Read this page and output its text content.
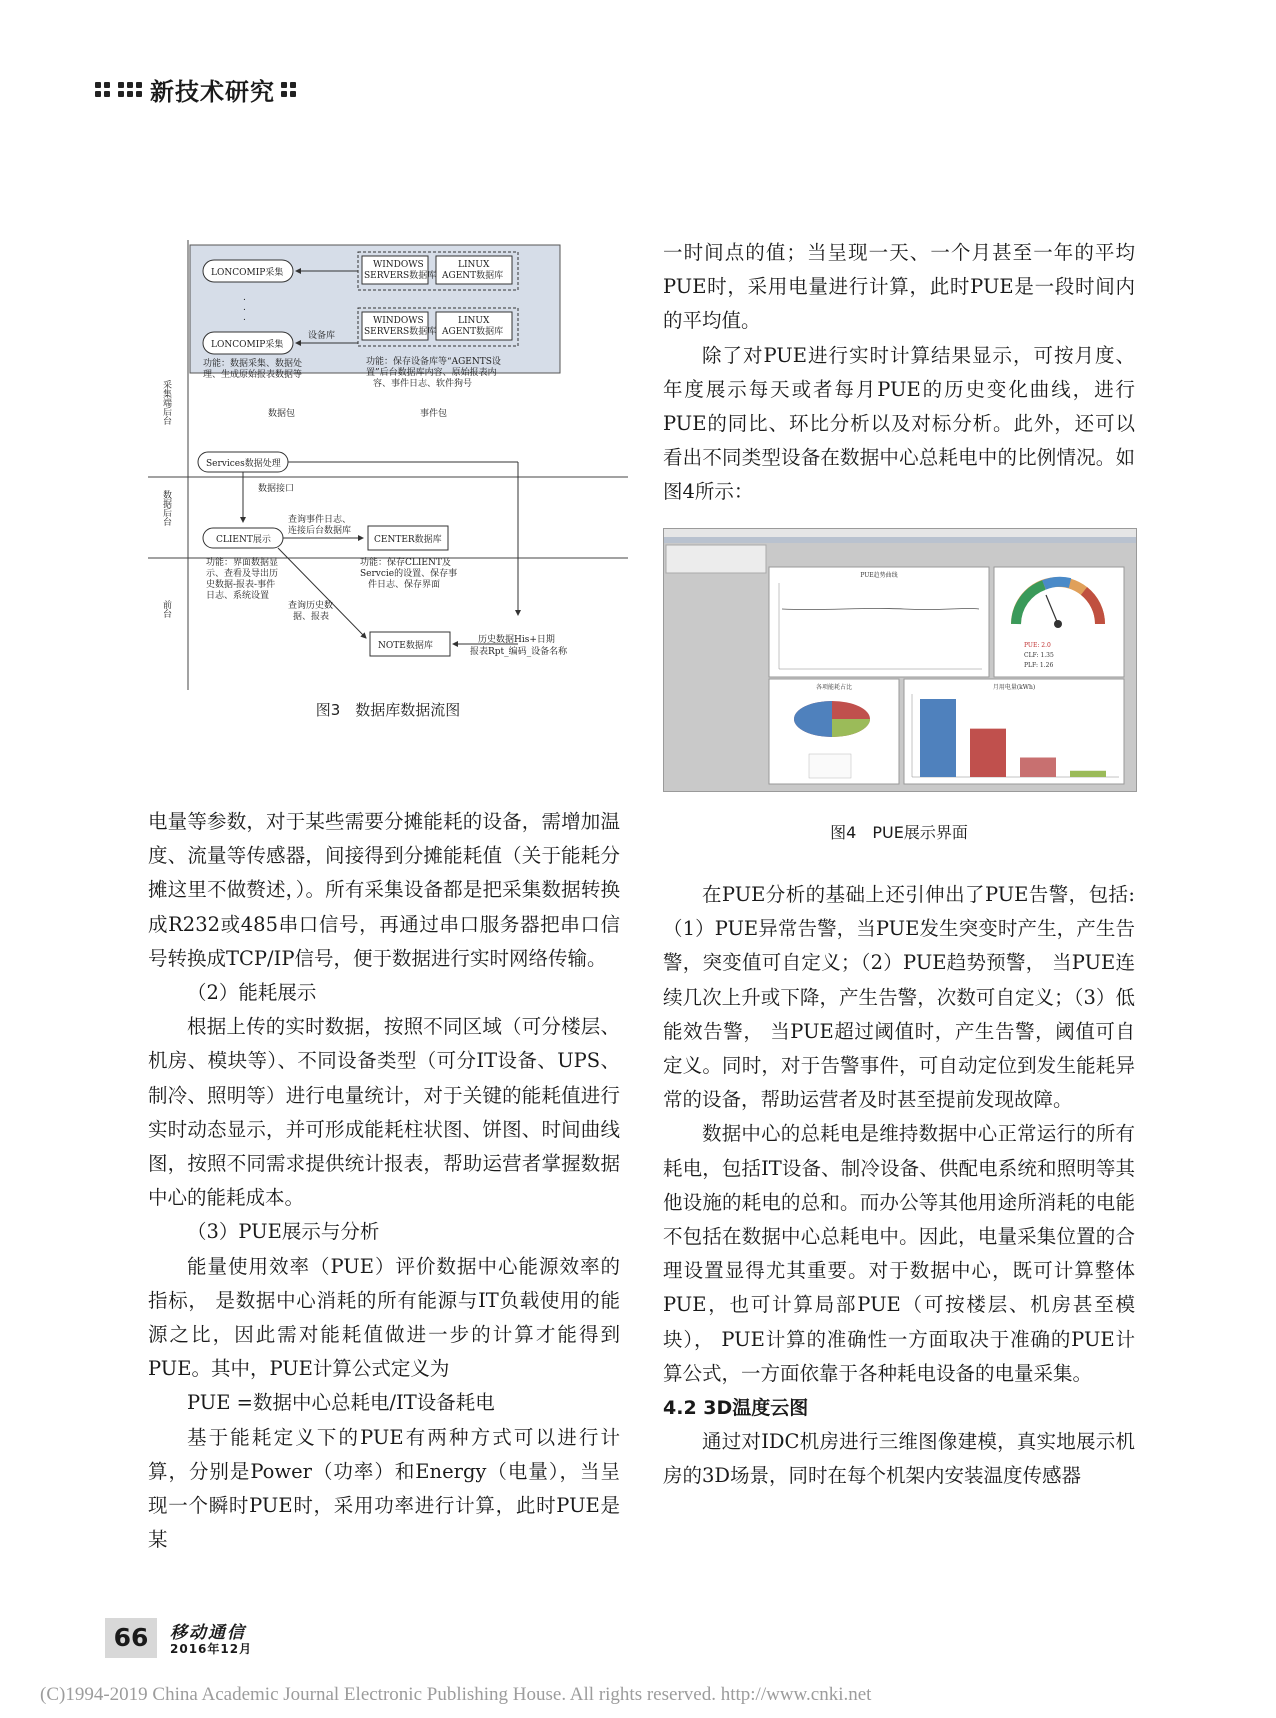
新技术研究
采集端后台
数据后台
前台
LONCOMIP采集
.
.
.
LONCOMIP采集
WINDOWS
SERVERS数据库
LINUX
AGENT数据库
WINDOWS
SERVERS数据库
LINUX
AGENT数据库
设备库
功能：数据采集、数据处
理、生成原始报表数据等
功能：保存设备库等“AGENTS设
置”后台数据库内容、原始报表内
容、事件日志、软件狗号
数据包	事件包
Services数据处理
数据接口
CLIENT展示
查询事件日志、
连接后台数据库
CENTER数据库
功能：界面数据显
示、查看及导出历
史数据-报表-事件
日志、系统设置
功能：保存CLIENT及
Servcie的设置、保存事
件日志、保存界面
查询历史数
据、报表
NOTE数据库
历史数据His+日期
报表Rpt_编码_设备名称
图3　数据库数据流图

电量等参数，对于某些需要分摊能耗的设备，需增加温度、流量等传感器，间接得到分摊能耗值（关于能耗分摊这里不做赘述，）。所有采集设备都是把采集数据转换成R232或485串口信号，再通过串口服务器把串口信号转换成TCP/IP信号，便于数据进行实时网络传输。

（2）能耗展示

根据上传的实时数据，按照不同区域（可分楼层、机房、模块等）、不同设备类型（可分IT设备、UPS、制冷、照明等）进行电量统计，对于关键的能耗值进行实时动态显示，并可形成能耗柱状图、饼图、时间曲线图，按照不同需求提供统计报表，帮助运营者掌握数据中心的能耗成本。

（3）PUE展示与分析

能量使用效率（PUE）评价数据中心能源效率的指标， 是数据中心消耗的所有能源与IT负载使用的能源之比，因此需对能耗值做进一步的计算才能得到PUE。其中，PUE计算公式定义为

PUE =数据中心总耗电/IT设备耗电

基于能耗定义下的PUE有两种方式可以进行计算，分别是Power（功率）和Energy（电量），当呈现一个瞬时PUE时，采用功率进行计算，此时PUE是某

一时间点的值；当呈现一天、一个月甚至一年的平均PUE时，采用电量进行计算，此时PUE是一段时间内的平均值。

除了对PUE进行实时计算结果显示，可按月度、年度展示每天或者每月PUE的历史变化曲线，进行PUE的同比、环比分析以及对标分析。此外，还可以看出不同类型设备在数据中心总耗电中的比例情况。如图4所示：

PUE趋势曲线
PUE: 2.0
CLF: 1.35
PLF: 1.26
各项能耗占比	月用电量(kWh)
图4　PUE展示界面

在PUE分析的基础上还引伸出了PUE告警，包括:（1）PUE异常告警，当PUE发生突变时产生，产生告警，突变值可自定义；（2）PUE趋势预警， 当PUE连续几次上升或下降，产生告警，次数可自定义；（3）低能效告警， 当PUE超过阈值时，产生告警，阈值可自定义。同时，对于告警事件，可自动定位到发生能耗异常的设备，帮助运营者及时甚至提前发现故障。

数据中心的总耗电是维持数据中心正常运行的所有耗电，包括IT设备、制冷设备、供配电系统和照明等其他设施的耗电的总和。而办公等其他用途所消耗的电能不包括在数据中心总耗电中。因此，电量采集位置的合理设置显得尤其重要。对于数据中心，既可计算整体PUE，也可计算局部PUE（可按楼层、机房甚至模块）， PUE计算的准确性一方面取决于准确的PUE计算公式，一方面依靠于各种耗电设备的电量采集。

4.2 3D温度云图

通过对IDC机房进行三维图像建模，真实地展示机房的3D场景，同时在每个机架内安装温度传感器

66	移动通信
2016年12月
(C)1994-2019 China Academic Journal Electronic Publishing House. All rights reserved. http://www.cnki.net
